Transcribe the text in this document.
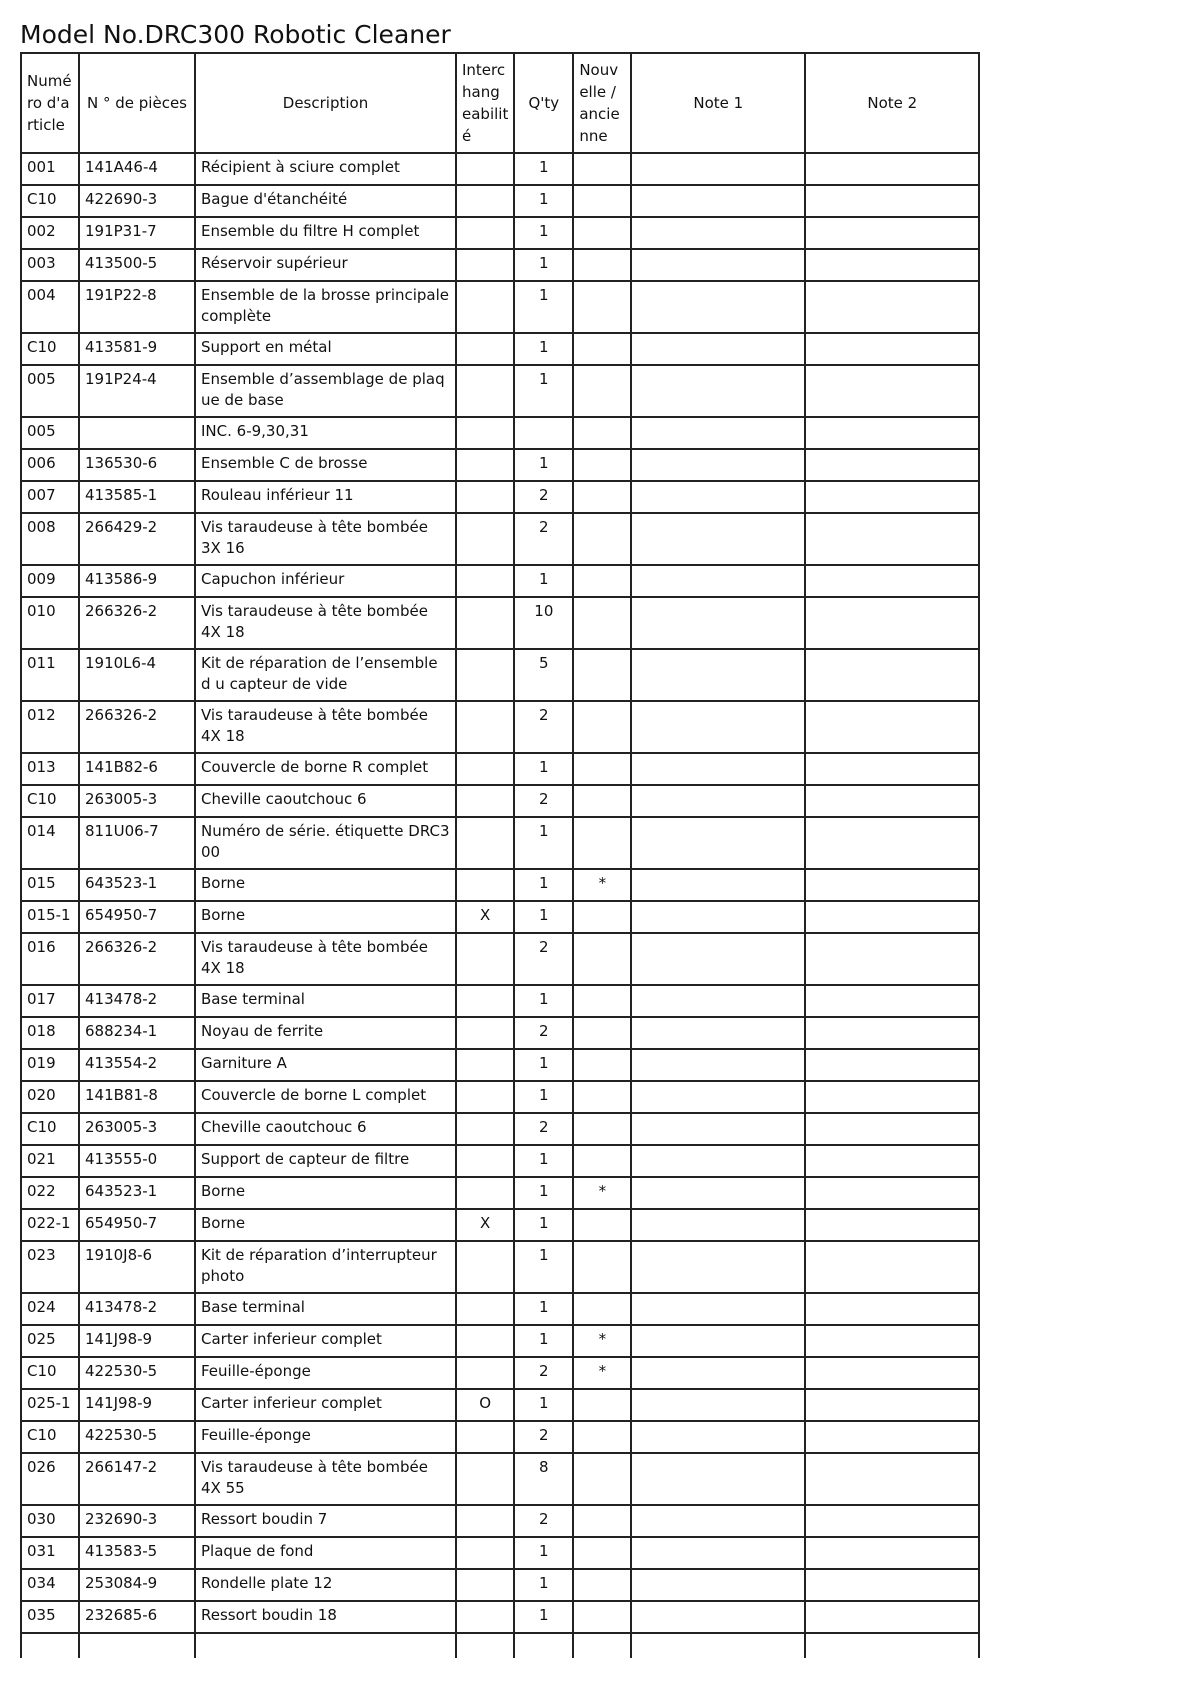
Model No.DRC300 Robotic Cleaner
Numé ro d'a rticle	N ° de pièces	Description	Interc hang eabilit é	Q'ty	Nouv elle / ancie nne	Note 1	Note 2
001	141A46-4	Récipient à sciure complet		1			
C10	422690-3	Bague d'étanchéité		1			
002	191P31-7	Ensemble du filtre H complet		1			
003	413500-5	Réservoir supérieur		1			
004	191P22-8	Ensemble de la brosse principale complète		1			
C10	413581-9	Support en métal		1			
005	191P24-4	Ensemble d’assemblage de plaq ue de base		1			
005		INC. 6-9,30,31					
006	136530-6	Ensemble C de brosse		1			
007	413585-1	Rouleau inférieur 11		2			
008	266429-2	Vis taraudeuse à tête bombée 3X 16		2			
009	413586-9	Capuchon inférieur		1			
010	266326-2	Vis taraudeuse à tête bombée 4X 18		10			
011	1910L6-4	Kit de réparation de l’ensemble d u capteur de vide		5			
012	266326-2	Vis taraudeuse à tête bombée 4X 18		2			
013	141B82-6	Couvercle de borne R complet		1			
C10	263005-3	Cheville caoutchouc 6		2			
014	811U06-7	Numéro de série. étiquette DRC3 00		1			
015	643523-1	Borne		1	*		
015-1	654950-7	Borne	X	1			
016	266326-2	Vis taraudeuse à tête bombée 4X 18		2			
017	413478-2	Base terminal		1			
018	688234-1	Noyau de ferrite		2			
019	413554-2	Garniture A		1			
020	141B81-8	Couvercle de borne L complet		1			
C10	263005-3	Cheville caoutchouc 6		2			
021	413555-0	Support de capteur de filtre		1			
022	643523-1	Borne		1	*		
022-1	654950-7	Borne	X	1			
023	1910J8-6	Kit de réparation d’interrupteur photo		1			
024	413478-2	Base terminal		1			
025	141J98-9	Carter inferieur complet		1	*		
C10	422530-5	Feuille-éponge		2	*		
025-1	141J98-9	Carter inferieur complet	O	1			
C10	422530-5	Feuille-éponge		2			
026	266147-2	Vis taraudeuse à tête bombée 4X 55		8			
030	232690-3	Ressort boudin 7		2			
031	413583-5	Plaque de fond		1			
034	253084-9	Rondelle plate 12		1			
035	232685-6	Ressort boudin 18		1			
